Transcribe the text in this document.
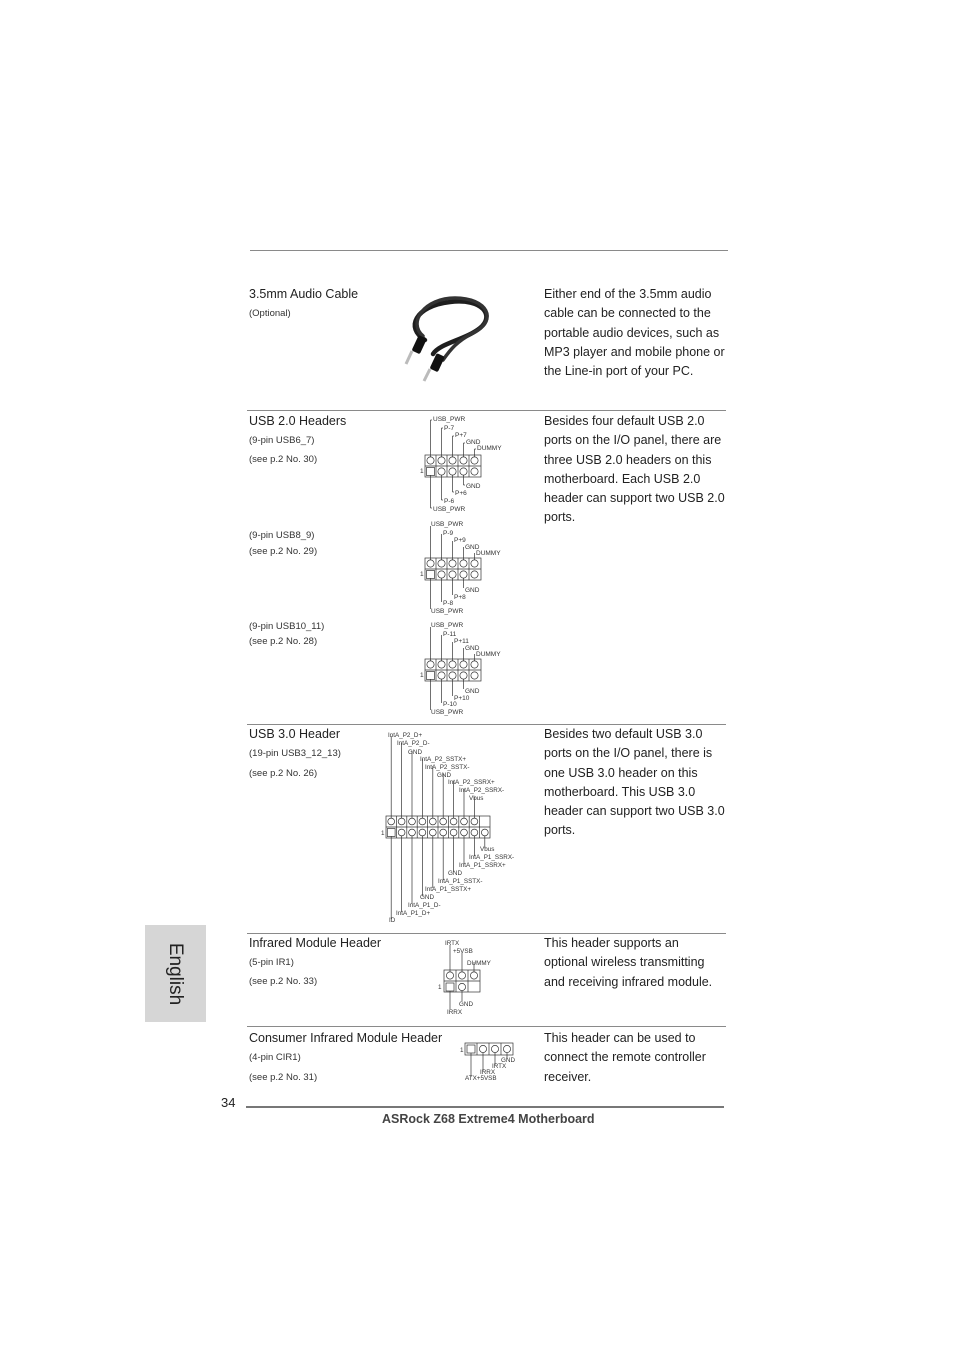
3.5mm Audio Cable
(Optional)
Either end of the 3.5mm audio cable can be connected to the portable audio devices, such as MP3 player and mobile phone or the Line-in port of your PC.
USB 2.0 Headers
(9-pin USB6_7)
(see p.2 No. 30)
(9-pin USB8_9)
(see p.2 No. 29)
(9-pin USB10_11)
(see p.2 No. 28)
Besides four default USB 2.0 ports on the I/O panel, there are three USB 2.0 headers on this motherboard. Each USB 2.0 header can support two USB 2.0 ports.
USB_PWR
P-7
P+7
GND
DUMMY
GND
P+6
P-6
USB_PWR
1
USB_PWR
P-9
P+9
GND
DUMMY
GND
P+8
P-8
USB_PWR
1
USB_PWR
P-11
P+11
GND
DUMMY
GND
P+10
P-10
USB_PWR
1
USB 3.0 Header
(19-pin USB3_12_13)
(see p.2 No. 26)
Besides two default USB 3.0 ports on the I/O panel, there is one USB 3.0 header on this motherboard. This USB 3.0 header can support two USB 3.0 ports.
IntA_P2_D+
IntA_P2_D-
GND
IntA_P2_SSTX+
IntA_P2_SSTX-
GND
IntA_P2_SSRX+
IntA_P2_SSRX-
Vbus
Vbus
IntA_P1_SSRX-
IntA_P1_SSRX+
GND
IntA_P1_SSTX-
IntA_P1_SSTX+
GND
IntA_P1_D-
IntA_P1_D+
ID
1
Infrared Module Header
(5-pin IR1)
(see p.2 No. 33)
This header supports an optional wireless transmitting and receiving infrared module.
IRTX
+5VSB
DUMMY
GND
IRRX
1
Consumer Infrared Module Header
(4-pin CIR1)
(see p.2 No. 31)
This header can be used to connect the remote controller receiver.
GND
IRTX
IRRX
ATX+5VSB
1
English
34
ASRock Z68 Extreme4 Motherboard
